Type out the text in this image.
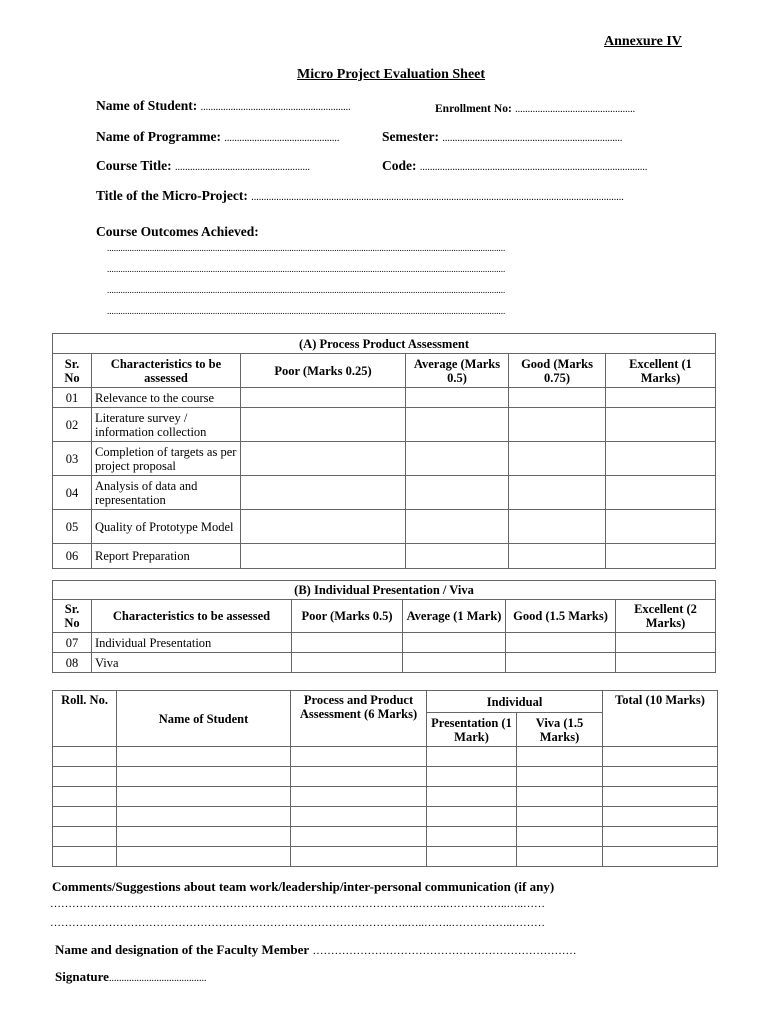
Annexure IV
Micro Project Evaluation Sheet
Name of Student: ............................................................	Enrollment No: ................................................
Name of Programme: ..............................................	Semester: ........................................................................
Course Title: ......................................................	Code: ...........................................................................................
Title of the Micro-Project: .....................................................................................................................................................
Course Outcomes Achieved:
.................................................................................................................................................................................
.................................................................................................................................................................................
.................................................................................................................................................................................
.................................................................................................................................................................................
(A) Process Product Assessment					
Sr. No	Characteristics to be assessed	Poor (Marks 0.25)	Average (Marks 0.5)	Good (Marks 0.75)	Excellent (1 Marks)
01	Relevance to the course				
02	Literature survey / information collection				
03	Completion of targets as per project proposal				
04	Analysis of data and representation				
05	Quality of Prototype Model				
06	Report Preparation				
(B) Individual Presentation / Viva					
Sr. No	Characteristics to be assessed	Poor (Marks 0.5)	Average (1 Mark)	Good (1.5 Marks)	Excellent (2 Marks)
07	Individual Presentation				
08	Viva				
Roll. No.	Name of Student	Process and Product Assessment (6 Marks)	Individual		Total (10 Marks)
			Presentation (1 Mark)	Viva (1.5 Marks)	

Comments/Suggestions about team work/leadership/inter-personal communication (if any)
………………………………………………………………………………………..……..……………..…..……
……………………………………………………………………………………..…..……..……………..………
Name and designation of the Faculty Member ………………………………………………………………
Signature.......................................
